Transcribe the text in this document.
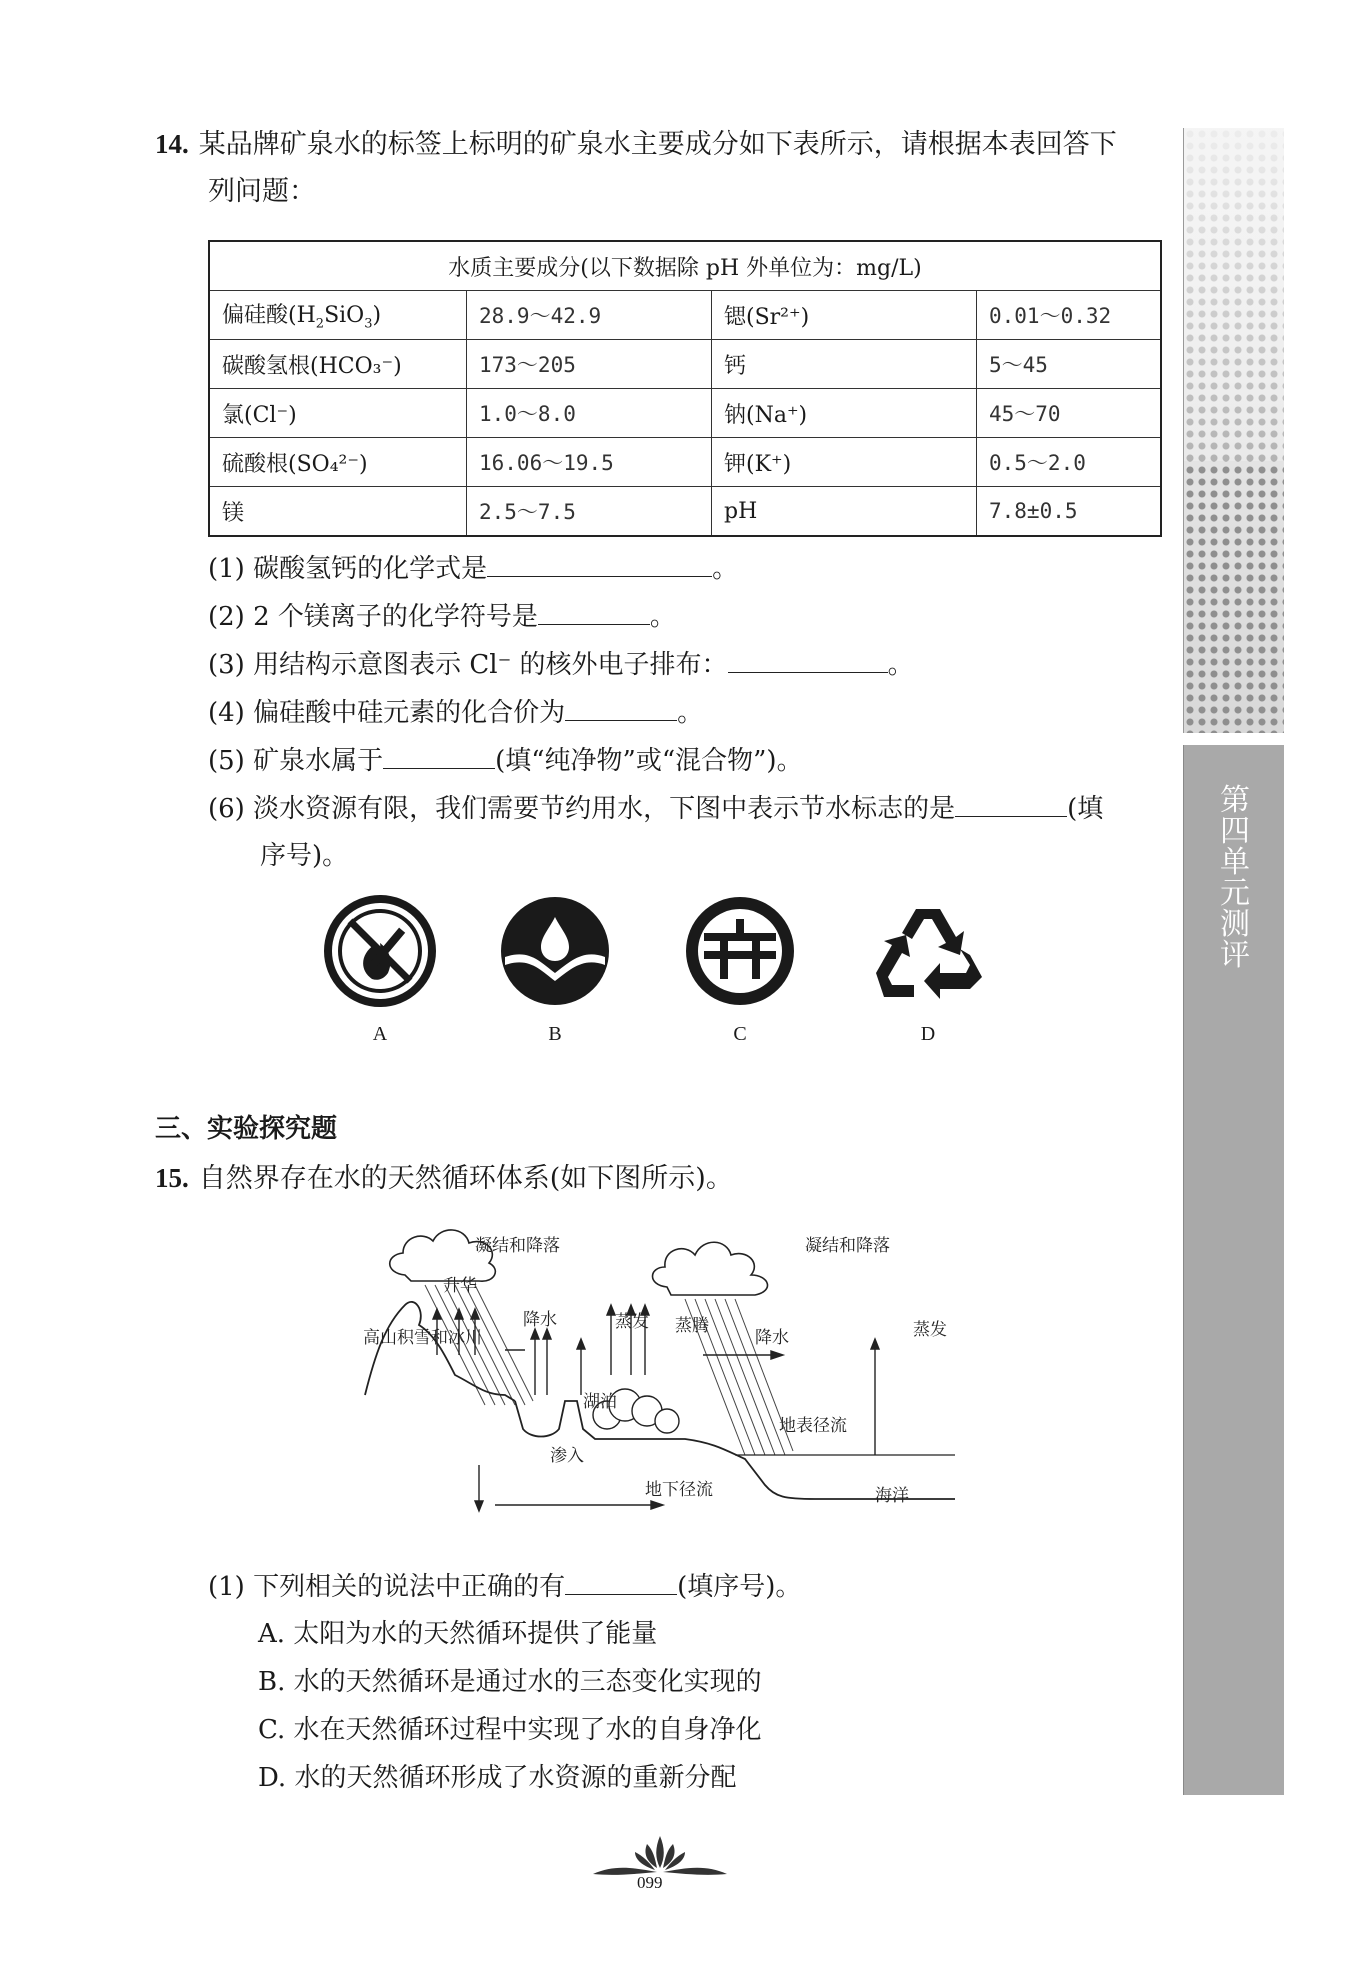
第
四
单
元
测
评
14. 某品牌矿泉水的标签上标明的矿泉水主要成分如下表所示，请根据本表回答下
列问题：
水质主要成分(以下数据除 pH 外单位为：mg/L)			
偏硅酸$(H_2SiO_3)$	28.9～42.9	锶(Sr²⁺)	0.01～0.32
碳酸氢根(HCO₃⁻)	173～205	钙	5～45
氯(Cl⁻)	1.0～8.0	钠(Na⁺)	45～70
硫酸根(SO₄²⁻)	16.06～19.5	钾(K⁺)	0.5～2.0
镁	2.5～7.5	pH	7.8±0.5
(1) 碳酸氢钙的化学式是	。
(2) 2 个镁离子的化学符号是	。
(3) 用结构示意图表示 Cl⁻ 的核外电子排布：	。
(4) 偏硅酸中硅元素的化合价为	。
(5) 矿泉水属于	(填“纯净物”或“混合物”)。
(6) 淡水资源有限，我们需要节约用水，下图中表示节水标志的是	(填
序号)。
A	B	C	D
三、实验探究题
15. 自然界存在水的天然循环体系(如下图所示)。
凝结和降落	凝结和降落
升华
高山积雪和冰川
降水	蒸发 蒸腾
降水	蒸发
湖泊
地表径流
渗入
地下径流	海洋
(1) 下列相关的说法中正确的有	(填序号)。
A. 太阳为水的天然循环提供了能量
B. 水的天然循环是通过水的三态变化实现的
C. 水在天然循环过程中实现了水的自身净化
D. 水的天然循环形成了水资源的重新分配
099
